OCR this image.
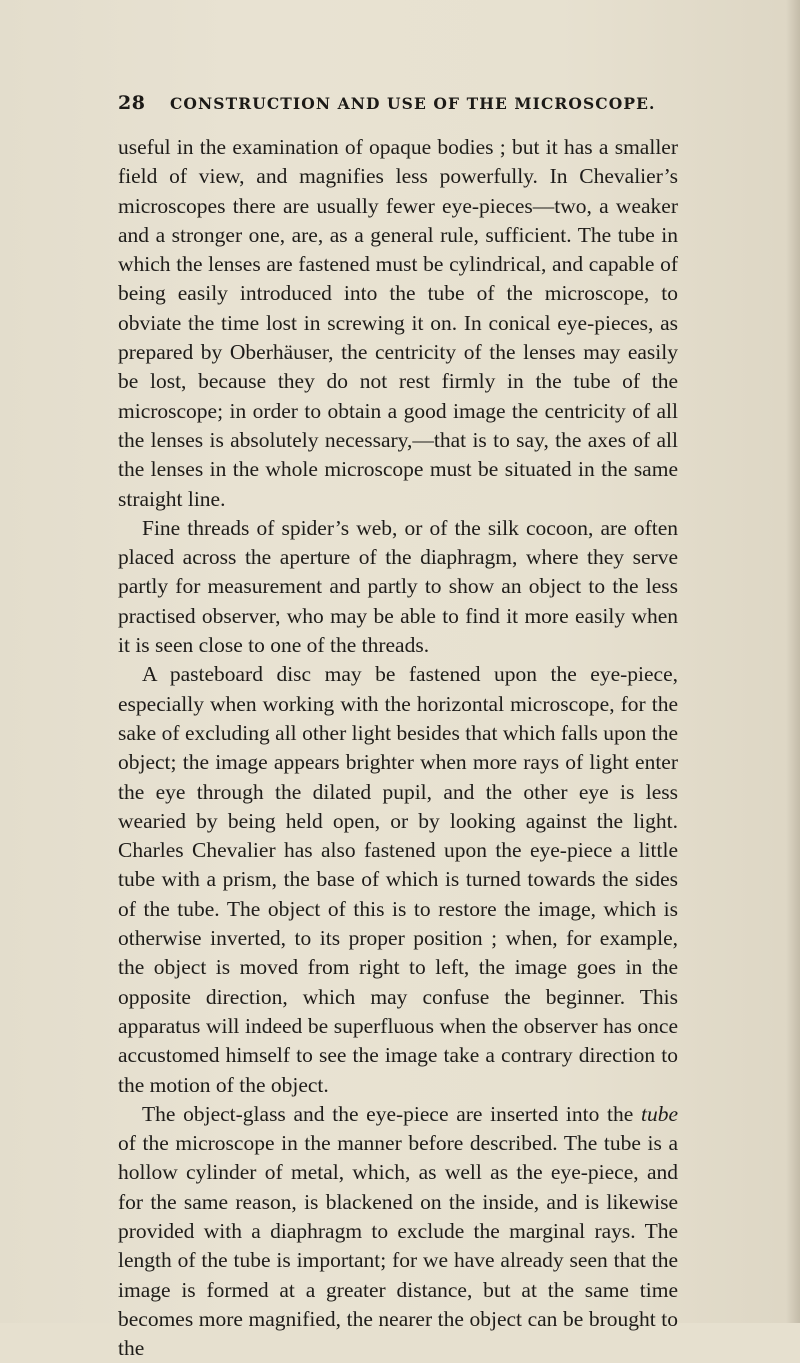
28 CONSTRUCTION AND USE OF THE MICROSCOPE.

useful in the examination of opaque bodies ; but it has a smaller field of view, and magnifies less powerfully. In Chevalier’s microscopes there are usually fewer eye-pieces—two, a weaker and a stronger one, are, as a general rule, sufficient. The tube in which the lenses are fastened must be cylindrical, and capable of being easily introduced into the tube of the microscope, to obviate the time lost in screwing it on. In conical eye-pieces, as prepared by Oberhäuser, the centricity of the lenses may easily be lost, because they do not rest firmly in the tube of the microscope; in order to obtain a good image the centricity of all the lenses is absolutely necessary,—that is to say, the axes of all the lenses in the whole microscope must be situated in the same straight line.

Fine threads of spider’s web, or of the silk cocoon, are often placed across the aperture of the diaphragm, where they serve partly for measurement and partly to show an object to the less practised observer, who may be able to find it more easily when it is seen close to one of the threads.

A pasteboard disc may be fastened upon the eye-piece, especially when working with the horizontal microscope, for the sake of excluding all other light besides that which falls upon the object; the image appears brighter when more rays of light enter the eye through the dilated pupil, and the other eye is less wearied by being held open, or by looking against the light. Charles Chevalier has also fastened upon the eye-piece a little tube with a prism, the base of which is turned towards the sides of the tube. The object of this is to restore the image, which is otherwise inverted, to its proper position ; when, for example, the object is moved from right to left, the image goes in the opposite direction, which may confuse the beginner. This apparatus will indeed be superfluous when the observer has once accustomed himself to see the image take a contrary direction to the motion of the object.

The object-glass and the eye-piece are inserted into the tube of the microscope in the manner before described. The tube is a hollow cylinder of metal, which, as well as the eye-piece, and for the same reason, is blackened on the inside, and is likewise provided with a diaphragm to exclude the marginal rays. The length of the tube is important; for we have already seen that the image is formed at a greater distance, but at the same time becomes more magnified, the nearer the object can be brought to the
